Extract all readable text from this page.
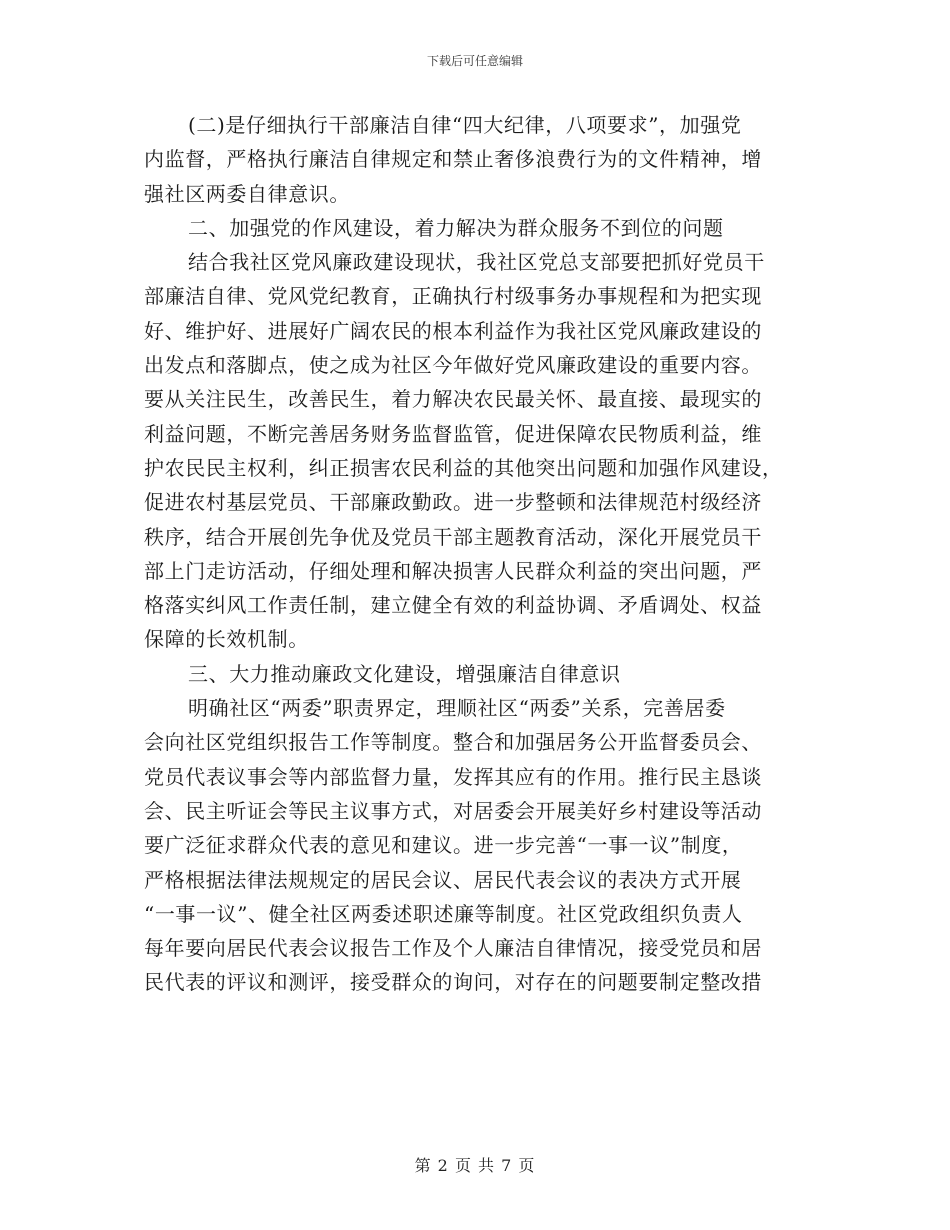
下载后可任意编辑
(二)是仔细执行干部廉洁自律“四大纪律，八项要求”，加强党
内监督，严格执行廉洁自律规定和禁止奢侈浪费行为的文件精神，增
强社区两委自律意识。
二、加强党的作风建设，着力解决为群众服务不到位的问题
结合我社区党风廉政建设现状，我社区党总支部要把抓好党员干
部廉洁自律、党风党纪教育，正确执行村级事务办事规程和为把实现
好、维护好、进展好广阔农民的根本利益作为我社区党风廉政建设的
出发点和落脚点，使之成为社区今年做好党风廉政建设的重要内容。
要从关注民生，改善民生，着力解决农民最关怀、最直接、最现实的
利益问题，不断完善居务财务监督监管，促进保障农民物质利益，维
护农民民主权利，纠正损害农民利益的其他突出问题和加强作风建设，
促进农村基层党员、干部廉政勤政。进一步整顿和法律规范村级经济
秩序，结合开展创先争优及党员干部主题教育活动，深化开展党员干
部上门走访活动，仔细处理和解决损害人民群众利益的突出问题，严
格落实纠风工作责任制，建立健全有效的利益协调、矛盾调处、权益
保障的长效机制。
三、大力推动廉政文化建设，增强廉洁自律意识
明确社区“两委”职责界定，理顺社区“两委”关系，完善居委
会向社区党组织报告工作等制度。整合和加强居务公开监督委员会、
党员代表议事会等内部监督力量，发挥其应有的作用。推行民主恳谈
会、民主听证会等民主议事方式，对居委会开展美好乡村建设等活动
要广泛征求群众代表的意见和建议。进一步完善“一事一议”制度，
严格根据法律法规规定的居民会议、居民代表会议的表决方式开展
“一事一议”、健全社区两委述职述廉等制度。社区党政组织负责人
每年要向居民代表会议报告工作及个人廉洁自律情况，接受党员和居
民代表的评议和测评，接受群众的询问，对存在的问题要制定整改措
第 2 页 共 7 页
